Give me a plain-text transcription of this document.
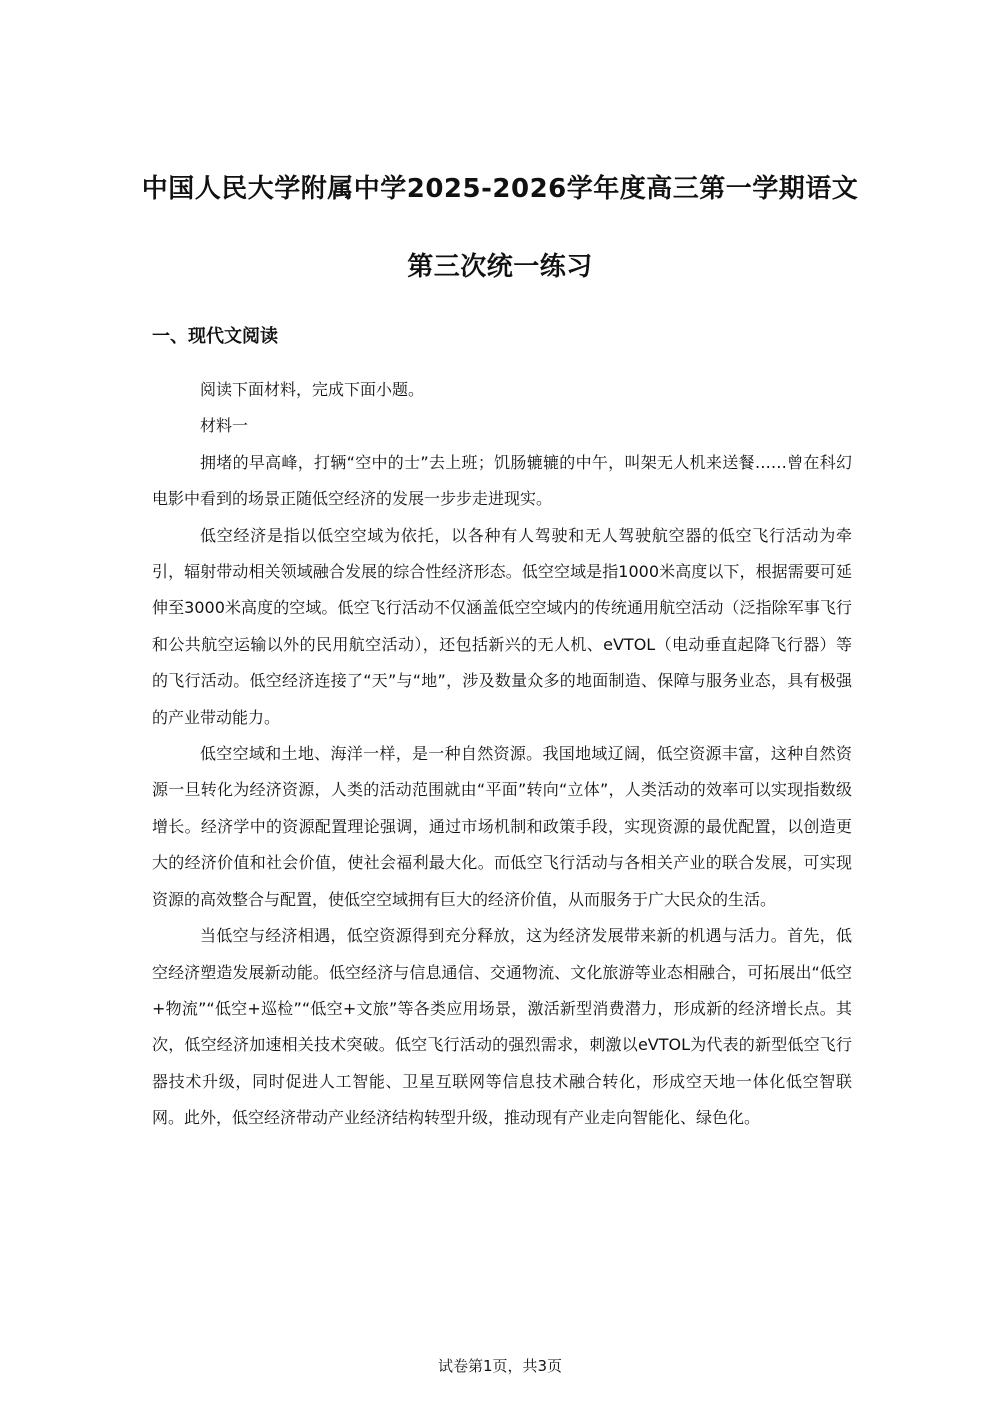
中国人民大学附属中学2025-2026学年度高三第一学期语文
第三次统一练习
一、现代文阅读

阅读下面材料，完成下面小题。

材料一

拥堵的早高峰，打辆“空中的士”去上班；饥肠辘辘的中午，叫架无人机来送餐……曾在科幻电影中看到的场景正随低空经济的发展一步步走进现实。

低空经济是指以低空空域为依托，以各种有人驾驶和无人驾驶航空器的低空飞行活动为牵引，辐射带动相关领域融合发展的综合性经济形态。低空空域是指1000米高度以下，根据需要可延伸至3000米高度的空域。低空飞行活动不仅涵盖低空空域内的传统通用航空活动（泛指除军事飞行和公共航空运输以外的民用航空活动），还包括新兴的无人机、eVTOL（电动垂直起降飞行器）等的飞行活动。低空经济连接了“天”与“地”，涉及数量众多的地面制造、保障与服务业态，具有极强的产业带动能力。

低空空域和土地、海洋一样，是一种自然资源。我国地域辽阔，低空资源丰富，这种自然资源一旦转化为经济资源，人类的活动范围就由“平面”转向“立体”，人类活动的效率可以实现指数级增长。经济学中的资源配置理论强调，通过市场机制和政策手段，实现资源的最优配置，以创造更大的经济价值和社会价值，使社会福利最大化。而低空飞行活动与各相关产业的联合发展，可实现资源的高效整合与配置，使低空空域拥有巨大的经济价值，从而服务于广大民众的生活。

当低空与经济相遇，低空资源得到充分释放，这为经济发展带来新的机遇与活力。首先，低空经济塑造发展新动能。低空经济与信息通信、交通物流、文化旅游等业态相融合，可拓展出“低空+物流”“低空+巡检”“低空+文旅”等各类应用场景，激活新型消费潜力，形成新的经济增长点。其次，低空经济加速相关技术突破。低空飞行活动的强烈需求，刺激以eVTOL为代表的新型低空飞行器技术升级，同时促进人工智能、卫星互联网等信息技术融合转化，形成空天地一体化低空智联网。此外，低空经济带动产业经济结构转型升级，推动现有产业走向智能化、绿色化。

试卷第1页，共3页
